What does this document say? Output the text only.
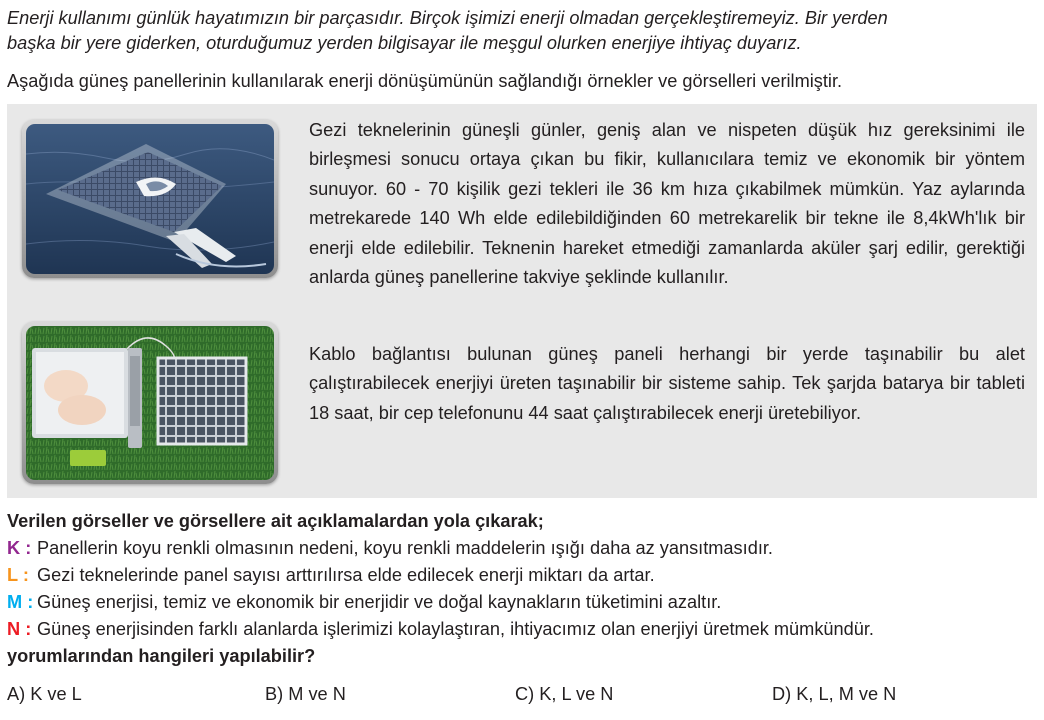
Enerji kullanımı günlük hayatımızın bir parçasıdır. Birçok işimizi enerji olmadan gerçekleştiremeyiz. Bir yerden
başka bir yere giderken, oturduğumuz yerden bilgisayar ile meşgul olurken enerjiye ihtiyaç duyarız.

Aşağıda güneş panellerinin kullanılarak enerji dönüşümünün sağlandığı örnekler ve görselleri verilmiştir.

Gezi teknelerinin güneşli günler, geniş alan ve nispeten düşük hız gereksinimi ile birleşmesi sonucu ortaya çıkan bu fikir, kullanıcılara temiz ve ekonomik bir yöntem sunuyor. 60 - 70 kişilik gezi tekleri ile 36 km hıza çıkabilmek mümkün. Yaz aylarında metrekarede 140 Wh elde edilebildiğinden 60 metrekarelik bir tekne ile 8,4kWh'lık bir enerji elde edilebilir. Teknenin hareket etmediği zamanlarda aküler şarj edilir, gerektiği anlarda güneş panellerine takviye şeklinde kullanılır.

Kablo bağlantısı bulunan güneş paneli herhangi bir yerde taşınabilir bu alet çalıştırabilecek enerjiyi üreten taşınabilir bir sisteme sahip. Tek şarjda batarya bir tableti 18 saat, bir cep telefonunu 44 saat çalıştırabilecek enerji üretebiliyor.

Verilen görseller ve görsellere ait açıklamalardan yola çıkarak;
K : Panellerin koyu renkli olmasının nedeni, koyu renkli maddelerin ışığı daha az yansıtmasıdır.
L : Gezi teknelerinde panel sayısı arttırılırsa elde edilecek enerji miktarı da artar.
M : Güneş enerjisi, temiz ve ekonomik bir enerjidir ve doğal kaynakların tüketimini azaltır.
N : Güneş enerjisinden farklı alanlarda işlerimizi kolaylaştıran, ihtiyacımız olan enerjiyi üretmek mümkündür.
yorumlarından hangileri yapılabilir?
A) K ve L	B) M ve N	C) K, L ve N	D) K, L, M ve N
